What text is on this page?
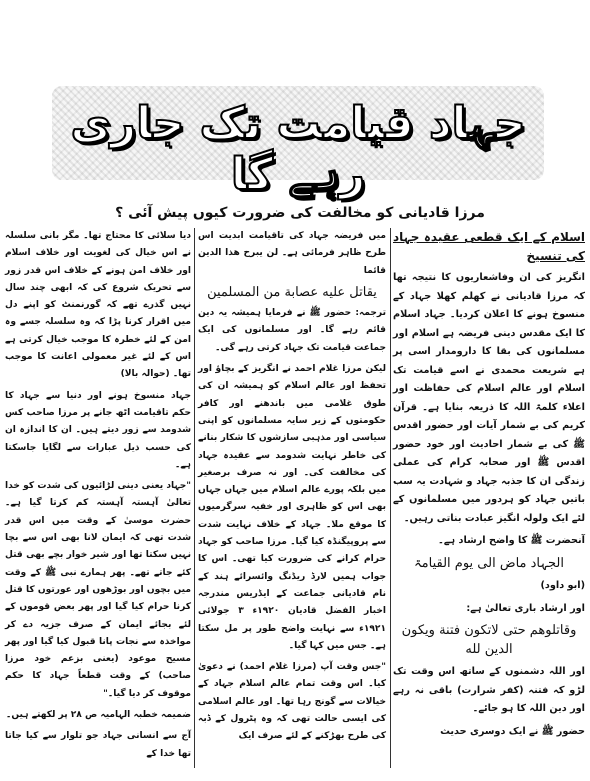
جہاد قیامت تک جاری رہے گا
مرزا قادیانی کو مخالفت کی ضرورت کیوں پیش آئی ؟

اسلام کے ایک قطعی عقیدہ جہاد کی تنسیخ

انگریز کی ان وفاشعاریوں کا نتیجہ تھا کہ مرزا قادیانی نے کھلم کھلا جہاد کے منسوخ ہونے کا اعلان کردیا۔ جہاد اسلام کا ایک مقدس دینی فریضہ ہے اسلام اور مسلمانوں کی بقا کا دارومدار اسی پر ہے شریعت محمدی نے اسے قیامت تک اسلام اور عالم اسلام کی حفاظت اور اعلاء کلمۃ اللہ کا ذریعہ بنایا ہے۔ قرآن کریم کی بے شمار آیات اور حضور اقدس ﷺ کی بے شمار احادیث اور خود حضور اقدس ﷺ اور صحابہ کرام کی عملی زندگی ان کا جذبہ جہاد و شہادت یہ سب باتیں جہاد کو ہردور میں مسلمانوں کے لئے ایک ولولہ انگیز عبادت بناتی رہیں۔

آنحضرت ﷺ کا واضح ارشاد ہے۔

الجہاد ماض الی یوم القیامۃ

(ابو داود)

اور ارشاد باری تعالیٰ ہے:

وقاتلوهم حتى لاتكون فتنة ويكون الدين لله

اور اللہ دشمنوں کے ساتھ اس وقت تک لڑو کہ فتنہ (کفر شرارت) باقی نہ رہے اور دین اللہ کا ہو جائے۔

حضور ﷺ نے ایک دوسری حدیث

میں فریضہ جہاد کی تاقیامت ابدیت اس طرح ظاہر فرمائی ہے۔ لن یبرح ھذا الدین قائما

یقاتل علیه عصابة من المسلمین

ترجمہ: حضور ﷺ نے فرمایا ہمیشہ یہ دین قائم رہے گا۔ اور مسلمانوں کی ایک جماعت قیامت تک جہاد کرتی رہے گی۔

لیکن مرزا غلام احمد نے انگریز کے بچاؤ اور تحفظ اور عالم اسلام کو ہمیشہ ان کی طوق غلامی میں باندھنے اور کافر حکومتوں کے زیر سایہ مسلمانوں کو اپنی سیاسی اور مذہبی سازشوں کا شکار بنانے کی خاطر نہایت شدومد سے عقیدہ جہاد کی مخالفت کی۔ اور نہ صرف برصغیر میں بلکہ پورے عالم اسلام میں جہاں جہاں بھی اس کو ظاہری اور خفیہ سرگرمیوں کا موقع ملا۔ جہاد کے خلاف نہایت شدت سے پروپیگنڈہ کیا گیا۔ مرزا صاحب کو جہاد حرام کرانے کی ضرورت کیا تھی۔ اس کا جواب ہمیں لارڈ ریڈنگ وائسرائے ہند کے نام قادیانی جماعت کے ایڈریس مندرجہ اخبار الفضل قادیان ۱۹۲۰ء ۳ جولائی ۱۹۲۱ء سے نہایت واضح طور پر مل سکتا ہے۔ جس میں کہا گیا۔

"جس وقت آپ (مرزا غلام احمد) نے دعویٰ کیا۔ اس وقت تمام عالم اسلام جہاد کے خیالات سے گونج رہا تھا۔ اور عالم اسلامی کی ایسی حالت تھی کہ وہ پٹرول کے ڈبہ کی طرح بھڑکنے کے لئے صرف ایک

دیا سلائی کا محتاج تھا۔ مگر بانی سلسلہ نے اس خیال کی لغویت اور خلاف اسلام اور خلاف امن ہونے کے خلاف اس قدر زور سے تحریک شروع کی کہ ابھی چند سال نہیں گذرے تھے کہ گورنمنٹ کو اپنے دل میں اقرار کرنا پڑا کہ وہ سلسلہ جسے وہ امن کے لئے خطرہ کا موجب خیال کرتی ہے اس کے لئے غیر معمولی اعانت کا موجب تھا۔ (حوالہ بالا)

جہاد منسوخ ہونے اور دنیا سے جہاد کا حکم تاقیامت اٹھ جانے پر مرزا صاحب کس شدومد سے زور دیتے ہیں۔ ان کا اندازہ ان کی حسب ذیل عبارات سے لگایا جاسکتا ہے۔

"جہاد یعنی دینی لڑائیوں کی شدت کو خدا تعالیٰ آہستہ آہستہ کم کرتا گیا ہے۔ حضرت موسیٰ کے وقت میں اس قدر شدت تھی کہ ایمان لانا بھی اس سے بچا نہیں سکتا تھا اور شیر خوار بچے بھی قتل کئے جاتے تھے۔ پھر ہمارے نبی ﷺ کے وقت میں بچوں اور بوڑھوں اور عورتوں کا قتل کرنا حرام کیا گیا اور پھر بعض قوموں کے لئے بجائے ایمان کے صرف جزیہ دے کر مواخذہ سے نجات پانا قبول کیا گیا اور پھر مسیح موعود (یعنی بزعم خود مرزا صاحب) کے وقت قطعاً جہاد کا حکم موقوف کر دیا گیا۔"

ضمیمہ خطبہ الہامیہ ص ۲۸ پر لکھتے ہیں۔

آج سے انسانی جہاد جو تلوار سے کیا جاتا تھا خدا کے
